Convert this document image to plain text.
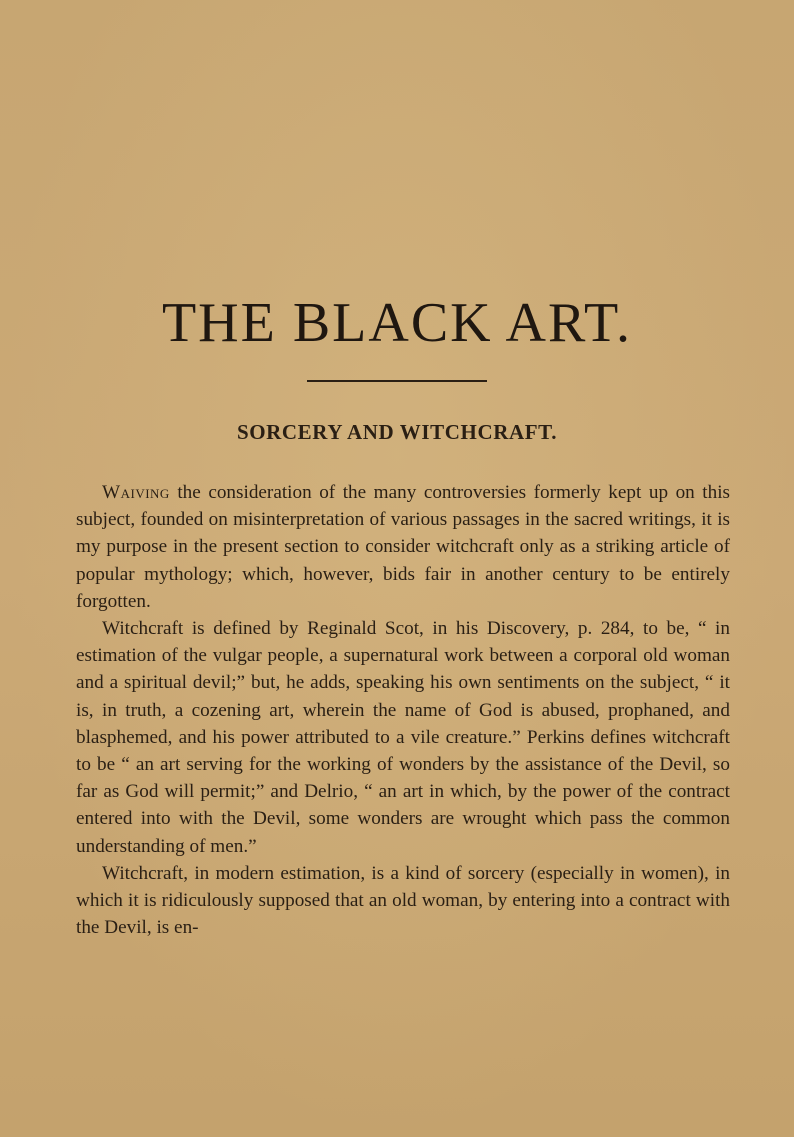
THE BLACK ART.
SORCERY AND WITCHCRAFT.

Waiving the consideration of the many controversies formerly kept up on this subject, founded on misinterpretation of various passages in the sacred writings, it is my purpose in the present section to consider witchcraft only as a striking article of popular mythology; which, however, bids fair in another century to be entirely forgotten.

Witchcraft is defined by Reginald Scot, in his Discovery, p. 284, to be, “ in estimation of the vulgar people, a supernatural work between a corporal old woman and a spiritual devil;” but, he adds, speaking his own sentiments on the subject, “ it is, in truth, a cozening art, wherein the name of God is abused, prophaned, and blasphemed, and his power attributed to a vile creature.” Perkins defines witchcraft to be “ an art serving for the working of wonders by the assistance of the Devil, so far as God will permit;” and Delrio, “ an art in which, by the power of the contract entered into with the Devil, some wonders are wrought which pass the common understanding of men.”

Witchcraft, in modern estimation, is a kind of sorcery (especially in women), in which it is ridiculously supposed that an old woman, by entering into a contract with the Devil, is en-
